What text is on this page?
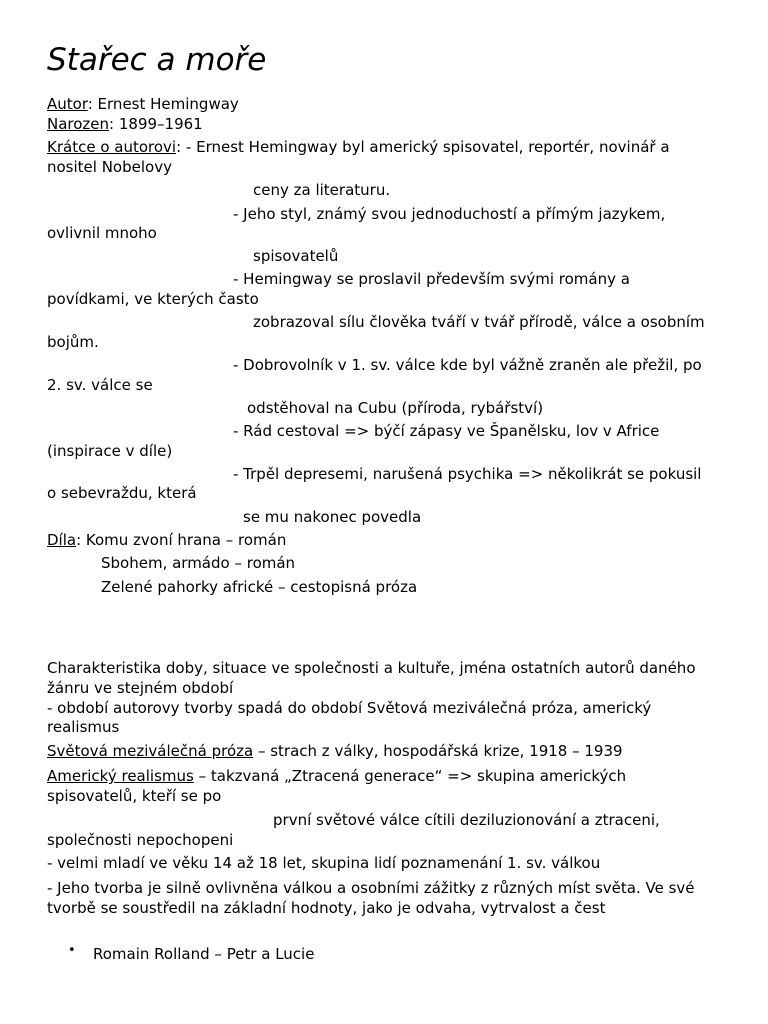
Stařec a moře
Autor: Ernest Hemingway
Narozen: 1899–1961
Krátce o autorovi: - Ernest Hemingway byl americký spisovatel, reportér, novinář a
nositel Nobelovy
ceny za literaturu.
- Jeho styl, známý svou jednoduchostí a přímým jazykem,
ovlivnil mnoho
spisovatelů
- Hemingway se proslavil především svými romány a
povídkami, ve kterých často
zobrazoval sílu člověka tváří v tvář přírodě, válce a osobním
bojům.
- Dobrovolník v 1. sv. válce kde byl vážně zraněn ale přežil, po
2. sv. válce se
odstěhoval na Cubu (příroda, rybářství)
- Rád cestoval => býčí zápasy ve Španělsku, lov v Africe
(inspirace v díle)
- Trpěl depresemi, narušená psychika => několikrát se pokusil
o sebevraždu, která
se mu nakonec povedla
Díla: Komu zvoní hrana – román
Sbohem, armádo – román
Zelené pahorky africké – cestopisná próza
Charakteristika doby, situace ve společnosti a kultuře, jména ostatních autorů daného
žánru ve stejném období
- období autorovy tvorby spadá do období Světová meziválečná próza, americký
realismus
Světová meziválečná próza – strach z války, hospodářská krize, 1918 – 1939
Americký realismus – takzvaná „Ztracená generace“ => skupina amerických
spisovatelů, kteří se po
první světové válce cítili deziluzionování a ztraceni,
společnosti nepochopeni
- velmi mladí ve věku 14 až 18 let, skupina lidí poznamenání 1. sv. válkou
- Jeho tvorba je silně ovlivněna válkou a osobními zážitky z různých míst světa. Ve své
tvorbě se soustředil na základní hodnoty, jako je odvaha, vytrvalost a čest
• Romain Rolland – Petr a Lucie
